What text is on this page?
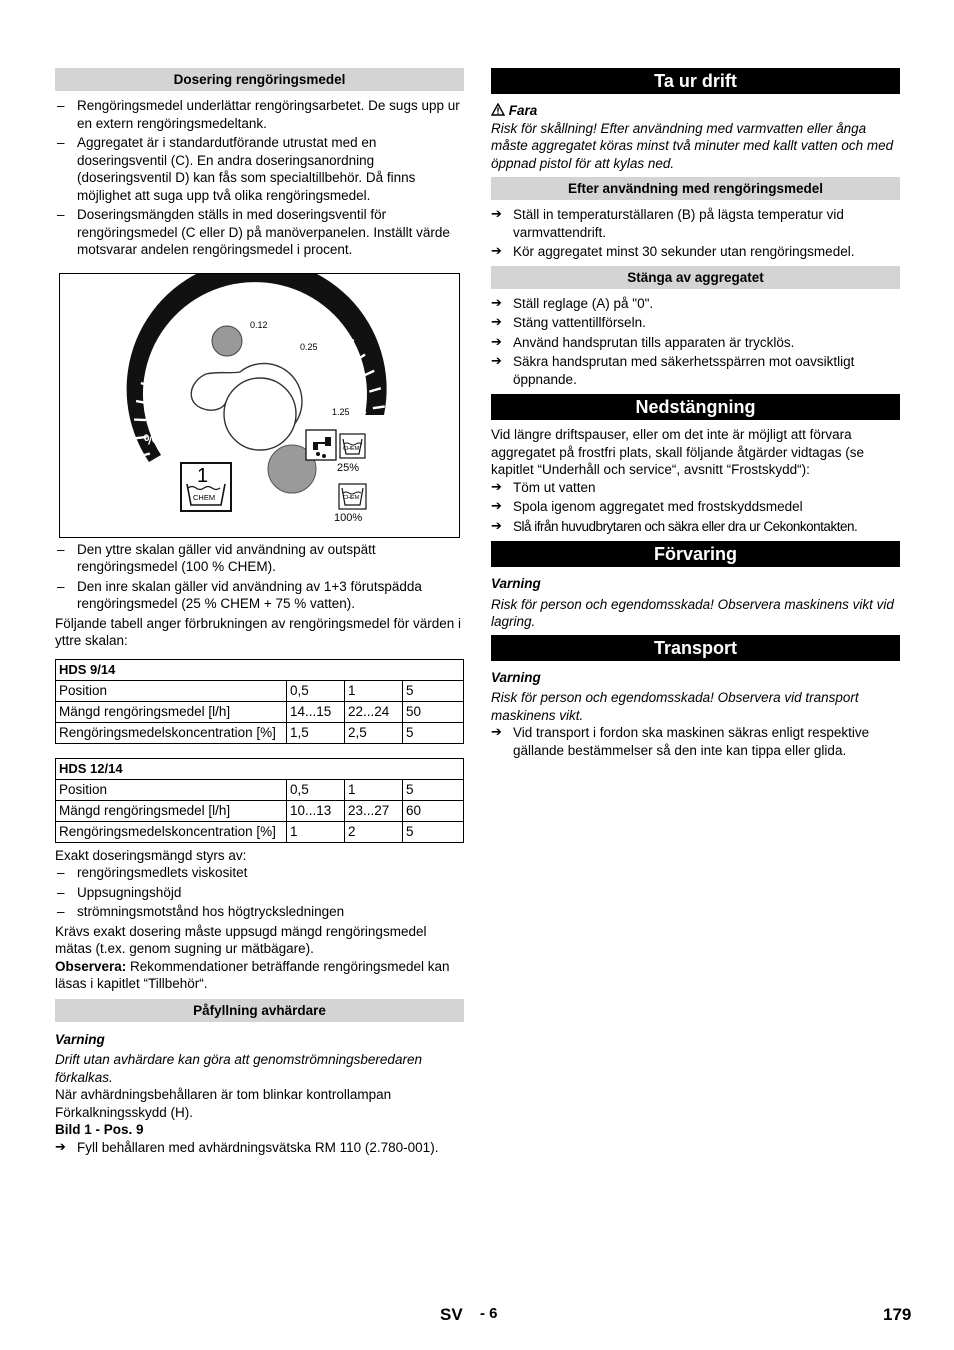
Dosering rengöringsmedel

– Rengöringsmedel underlättar rengöringsarbetet. De sugs upp ur en extern rengöringsmedeltank.

– Aggregatet är i standardutförande utrustat med en doseringsventil (C). En andra doseringsanordning (doseringsventil D) kan fås som specialtillbehör. Då finns möjlighet att suga upp två olika rengöringsmedel.

– Doseringsmängden ställs in med doseringsventil för rengöringsmedel (C eller D) på manöverpanelen. Inställt värde motsvarar andelen rengöringsmedel i procent.

0
0.5
1
5
0.12
0.25
1.25
%
25%
100%
1
CHEM
CHEM
CHEM

– Den yttre skalan gäller vid användning av outspätt rengöringsmedel (100 % CHEM).

– Den inre skalan gäller vid användning av 1+3 förutspädda rengöringsmedel (25 % CHEM + 75 % vatten).

Följande tabell anger förbrukningen av rengöringsmedel för värden i yttre skalan:

HDS 9/14			
Position	0,5	1	5
Mängd rengöringsmedel [l/h]	14...15	22...24	50
Rengöringsmedelskoncentration [%]	1,5	2,5	5
HDS 12/14			
Position	0,5	1	5
Mängd rengöringsmedel [l/h]	10...13	23...27	60
Rengöringsmedelskoncentration [%]	1	2	5

Exakt doseringsmängd styrs av:

– rengöringsmedlets viskositet

– Uppsugningshöjd

– strömningsmotstånd hos högtrycksledningen

Krävs exakt dosering måste uppsugd mängd rengöringsmedel mätas (t.ex. genom sugning ur mätbägare).

Observera: Rekommendationer beträffande rengöringsmedel kan läsas i kapitlet “Tillbehör“.

Påfyllning avhärdare

Varning

Drift utan avhärdare kan göra att genomströmningsberedaren förkalkas.

När avhärdningsbehållaren är tom blinkar kontrollampan Förkalkningsskydd (H).

Bild 1 - Pos. 9

➔ Fyll behållaren med avhärdningsvätska RM 110 (2.780-001).

Ta ur drift

Fara

Risk för skållning! Efter användning med varmvatten eller ånga måste aggregatet köras minst två minuter med kallt vatten och med öppnad pistol för att kylas ned.

Efter användning med rengöringsmedel

➔ Ställ in temperaturställaren (B) på lägsta temperatur vid varmvattendrift.

➔ Kör aggregatet minst 30 sekunder utan rengöringsmedel.

Stänga av aggregatet

➔ Ställ reglage (A) på "0".

➔ Stäng vattentillförseln.

➔ Använd handsprutan tills apparaten är trycklös.

➔ Säkra handsprutan med säkerhetsspärren mot oavsiktligt öppnande.

Nedstängning

Vid längre driftspauser, eller om det inte är möjligt att förvara aggregatet på frostfri plats, skall följande åtgärder vidtagas (se kapitlet “Underhåll och service“, avsnitt “Frostskydd“):

➔ Töm ut vatten

➔ Spola igenom aggregatet med frostskyddsmedel

➔ Slå ifrån huvudbrytaren och säkra eller dra ur Cekonkontakten.

Förvaring

Varning

Risk för person och egendomsskada! Observera maskinens vikt vid lagring.

Transport

Varning

Risk för person och egendomsskada! Observera vid transport maskinens vikt.

➔ Vid transport i fordon ska maskinen säkras enligt respektive gällande bestämmelser så den inte kan tippa eller glida.

SV - 6	179
